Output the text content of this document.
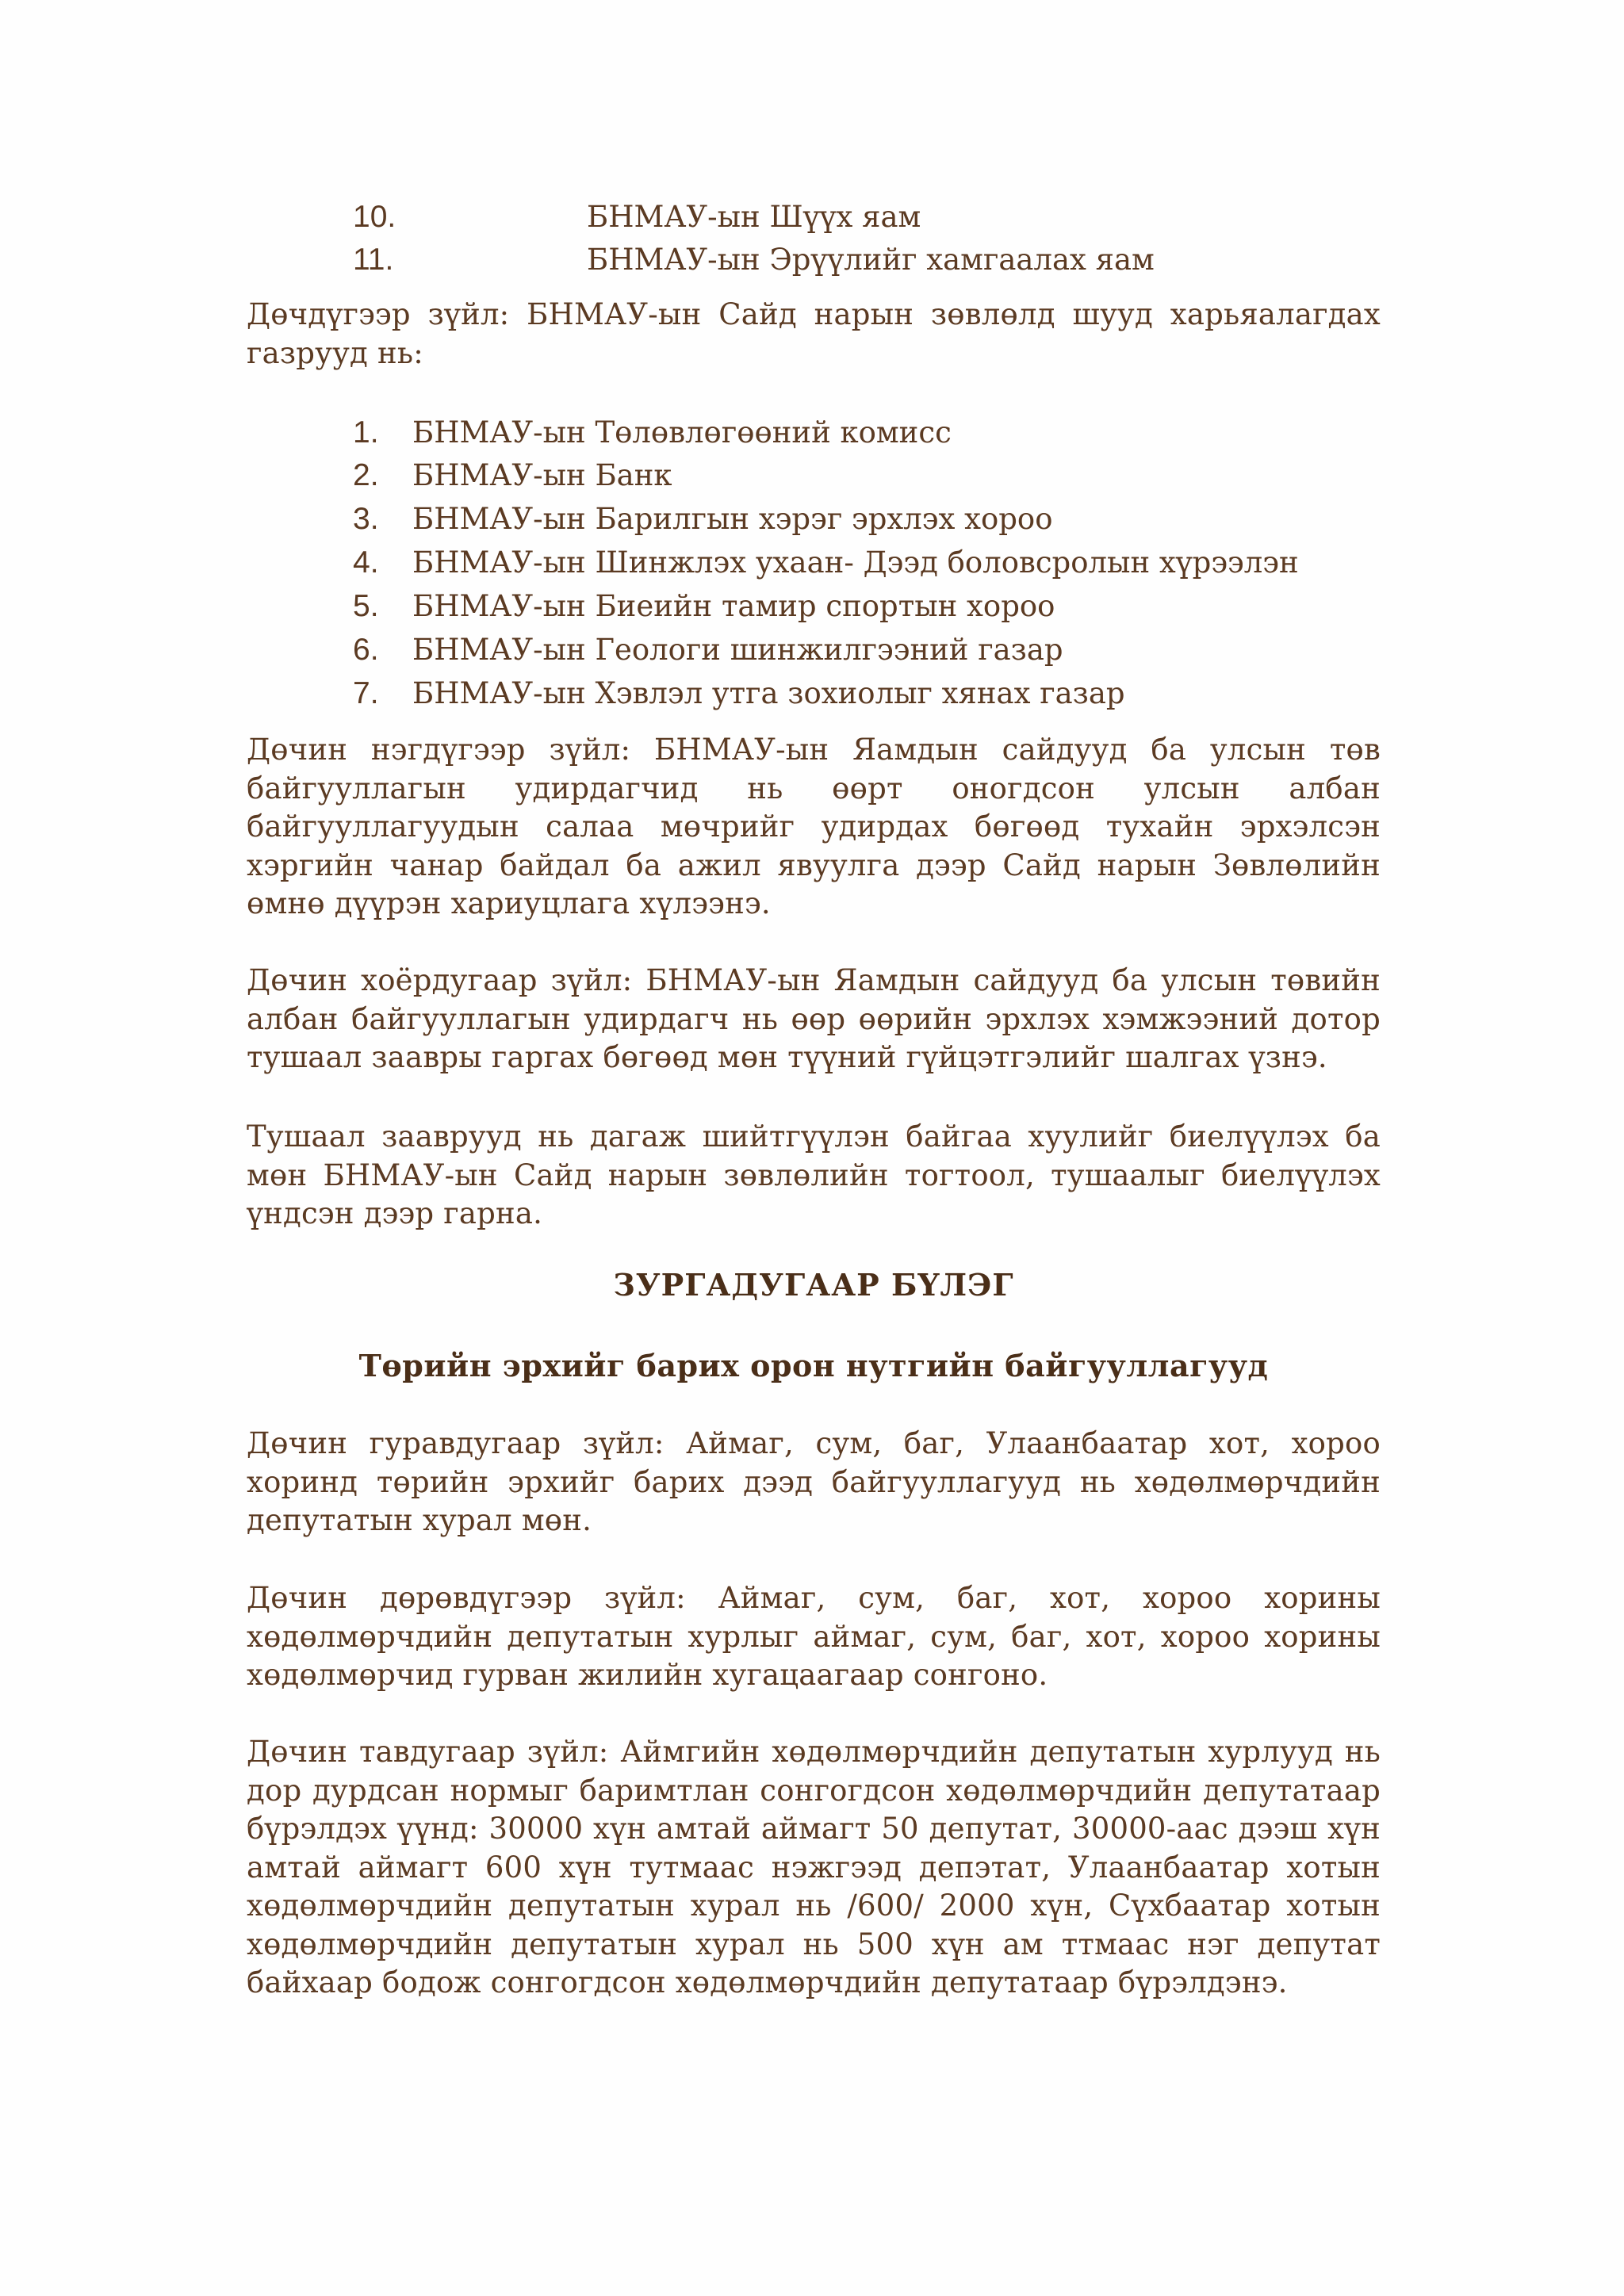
10.	БНМАУ-ын Шүүх яам
11.	БНМАУ-ын Эрүүлийг хамгаалах яам

Дөчдүгээр зүйл: БНМАУ-ын Сайд нарын зөвлөлд шууд харьяалагдах газрууд нь:

1. БНМАУ-ын Төлөвлөгөөний комисс
2. БНМАУ-ын Банк
3. БНМАУ-ын Барилгын хэрэг эрхлэх хороо
4. БНМАУ-ын Шинжлэх ухаан- Дээд боловсролын хүрээлэн
5. БНМАУ-ын Биеийн тамир спортын хороо
6. БНМАУ-ын Геологи шинжилгээний газар
7. БНМАУ-ын Хэвлэл утга зохиолыг хянах газар

Дөчин нэгдүгээр зүйл: БНМАУ-ын Яамдын сайдууд ба улсын төв байгууллагын удирдагчид нь өөрт оногдсон улсын албан байгууллагуудын салаа мөчрийг удирдах бөгөөд тухайн эрхэлсэн хэргийн чанар байдал ба ажил явуулга дээр Сайд нарын Зөвлөлийн өмнө дүүрэн хариуцлага хүлээнэ.

Дөчин хоёрдугаар зүйл: БНМАУ-ын Яамдын сайдууд ба улсын төвийн албан байгууллагын удирдагч нь өөр өөрийн эрхлэх хэмжээний дотор тушаал заавры гаргах бөгөөд мөн түүний гүйцэтгэлийг шалгах үзнэ.

Тушаал зааврууд нь дагаж шийтгүүлэн байгаа хуулийг биелүүлэх ба мөн БНМАУ-ын Сайд нарын зөвлөлийн тогтоол, тушаалыг биелүүлэх үндсэн дээр гарна.

ЗУРГАДУГААР БҮЛЭГ

Төрийн эрхийг барих орон нутгийн байгууллагууд

Дөчин гуравдугаар зүйл: Аймаг, сум, баг, Улаанбаатар хот, хороо хоринд төрийн эрхийг барих дээд байгууллагууд нь хөдөлмөрчдийн депутатын хурал мөн.

Дөчин дөрөвдүгээр зүйл: Аймаг, сум, баг, хот, хороо хорины хөдөлмөрчдийн депутатын хурлыг аймаг, сум, баг, хот, хороо хорины хөдөлмөрчид гурван жилийн хугацаагаар сонгоно.

Дөчин тавдугаар зүйл: Аймгийн хөдөлмөрчдийн депутатын хурлууд нь дор дурдсан нормыг баримтлан сонгогдсон хөдөлмөрчдийн депутатаар бүрэлдэх үүнд: 30000 хүн амтай аймагт 50 депутат, 30000-аас дээш хүн амтай аймагт 600 хүн тутмаас нэжгээд депэтат, Улаанбаатар хотын хөдөлмөрчдийн депутатын хурал нь /600/ 2000 хүн, Сүхбаатар хотын хөдөлмөрчдийн депутатын хурал нь 500 хүн ам ттмаас нэг депутат байхаар бодож сонгогдсон хөдөлмөрчдийн депутатаар бүрэлдэнэ.
